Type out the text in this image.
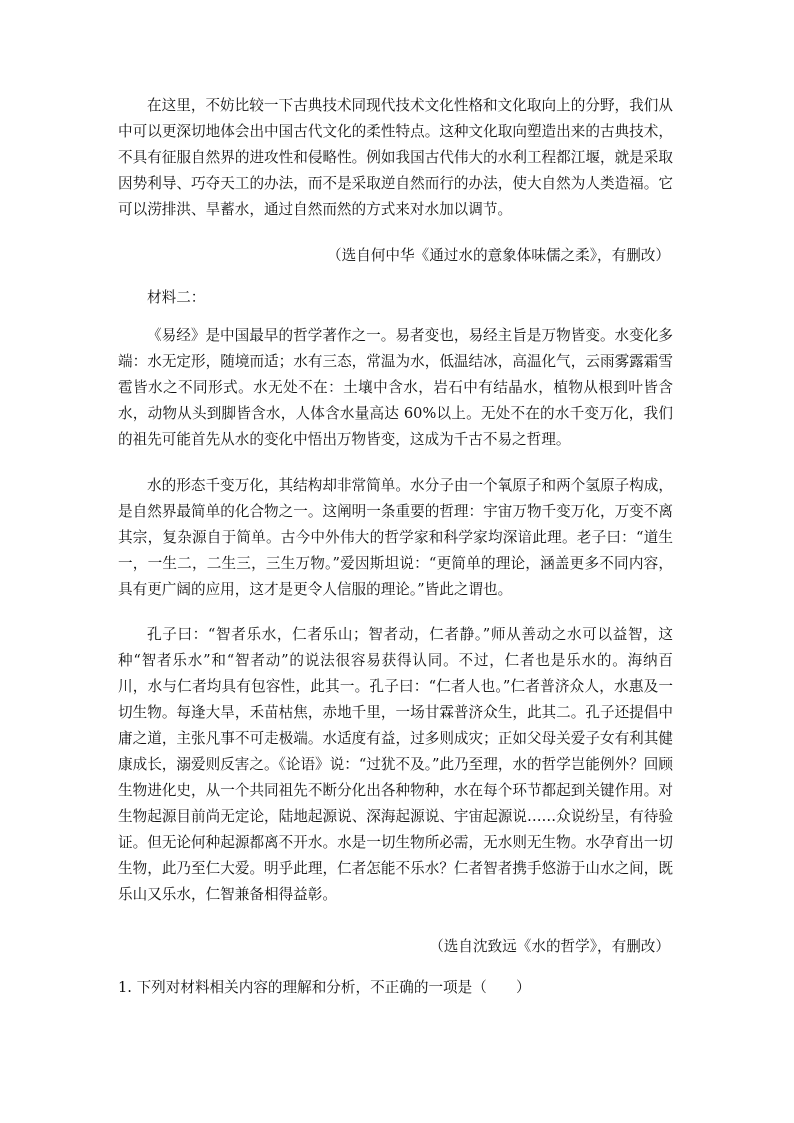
在这里，不妨比较一下古典技术同现代技术文化性格和文化取向上的分野，我们从中可以更深切地体会出中国古代文化的柔性特点。这种文化取向塑造出来的古典技术，不具有征服自然界的进攻性和侵略性。例如我国古代伟大的水利工程都江堰，就是采取因势利导、巧夺天工的办法，而不是采取逆自然而行的办法，使大自然为人类造福。它可以涝排洪、旱蓄水，通过自然而然的方式来对水加以调节。

（选自何中华《通过水的意象体味儒之柔》，有删改）

材料二：

《易经》是中国最早的哲学著作之一。易者变也，易经主旨是万物皆变。水变化多端：水无定形，随境而适；水有三态，常温为水，低温结冰，高温化气，云雨雾露霜雪雹皆水之不同形式。水无处不在：土壤中含水，岩石中有结晶水，植物从根到叶皆含水，动物从头到脚皆含水，人体含水量高达 60%以上。无处不在的水千变万化，我们的祖先可能首先从水的变化中悟出万物皆变，这成为千古不易之哲理。

水的形态千变万化，其结构却非常简单。水分子由一个氧原子和两个氢原子构成，是自然界最简单的化合物之一。这阐明一条重要的哲理：宇宙万物千变万化，万变不离其宗，复杂源自于简单。古今中外伟大的哲学家和科学家均深谙此理。老子曰：“道生一，一生二，二生三，三生万物。”爱因斯坦说：“更简单的理论，涵盖更多不同内容，具有更广阔的应用，这才是更令人信服的理论。”皆此之谓也。

孔子曰：“智者乐水，仁者乐山；智者动，仁者静。”师从善动之水可以益智，这种“智者乐水”和“智者动”的说法很容易获得认同。不过，仁者也是乐水的。海纳百川，水与仁者均具有包容性，此其一。孔子曰：“仁者人也。”仁者普济众人，水惠及一切生物。每逢大旱，禾苗枯焦，赤地千里，一场甘霖普济众生，此其二。孔子还提倡中庸之道，主张凡事不可走极端。水适度有益，过多则成灾；正如父母关爱子女有利其健康成长，溺爱则反害之。《论语》说：“过犹不及。”此乃至理，水的哲学岂能例外？回顾生物进化史，从一个共同祖先不断分化出各种物种，水在每个环节都起到关键作用。对生物起源目前尚无定论，陆地起源说、深海起源说、宇宙起源说……众说纷呈，有待验证。但无论何种起源都离不开水。水是一切生物所必需，无水则无生物。水孕育出一切生物，此乃至仁大爱。明乎此理，仁者怎能不乐水？仁者智者携手悠游于山水之间，既乐山又乐水，仁智兼备相得益彰。

（选自沈致远《水的哲学》，有删改）

1. 下列对材料相关内容的理解和分析，不正确的一项是（　　）
